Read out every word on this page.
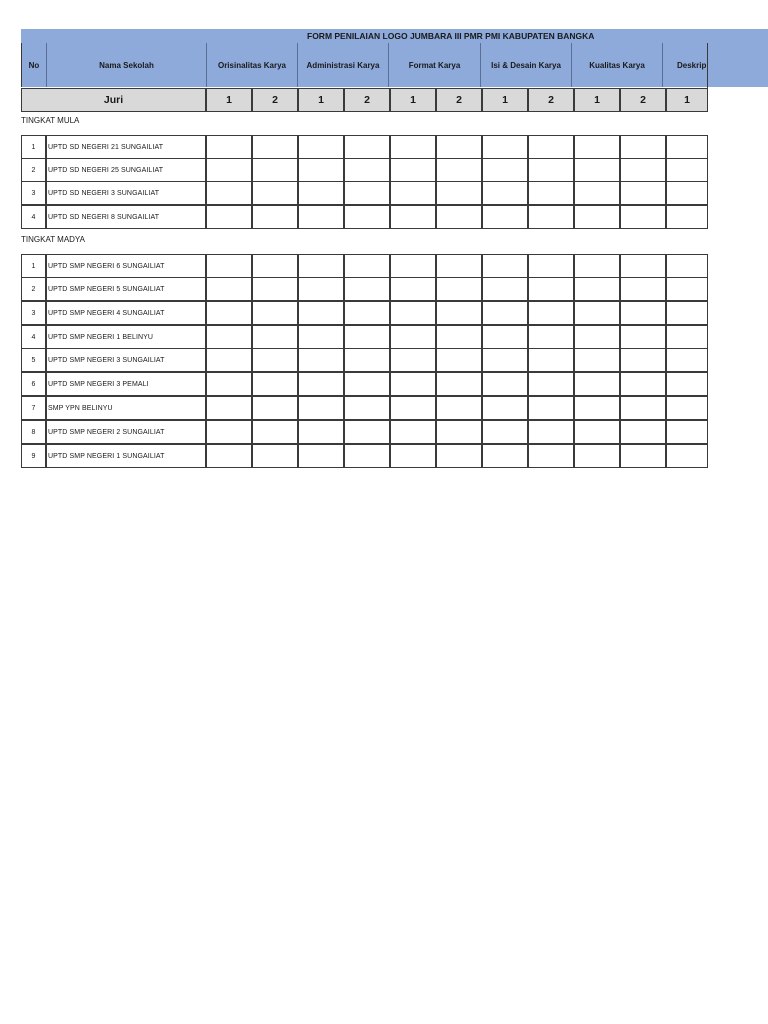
FORM PENILAIAN LOGO JUMBARA III PMR PMI KABUPATEN BANGKA
No	Nama Sekolah	Orisinalitas Karya	Administrasi Karya	Format Karya	Isi & Desain Karya	Kualitas Karya	Deskrip
Juri	1	2	1	2	1	2	1	2	1	2	1
TINGKAT MULA
1	UPTD SD NEGERI 21 SUNGAILIAT
2	UPTD SD NEGERI 25 SUNGAILIAT
3	UPTD SD NEGERI 3 SUNGAILIAT
4	UPTD SD NEGERI 8 SUNGAILIAT
TINGKAT MADYA
1	UPTD SMP NEGERI 6 SUNGAILIAT
2	UPTD SMP NEGERI 5 SUNGAILIAT
3	UPTD SMP NEGERI 4 SUNGAILIAT
4	UPTD SMP NEGERI 1 BELINYU
5	UPTD SMP NEGERI 3 SUNGAILIAT
6	UPTD SMP NEGERI 3 PEMALI
7	SMP YPN BELINYU
8	UPTD SMP NEGERI 2 SUNGAILIAT
9	UPTD SMP NEGERI 1 SUNGAILIAT
